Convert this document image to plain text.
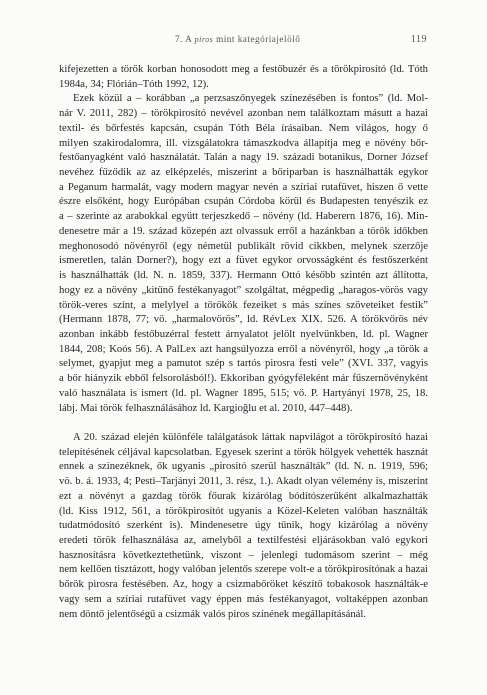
7. A piros mint kategóriajelölő	119
kifejezetten a török korban honosodott meg a festőbuzér és a törökpirosító (ld. Tóth
1984a, 34; Flórián–Tóth 1992, 12).
Ezek közül a – korábban „a perzsaszőnyegek színezésében is fontos” (ld. Mol-
nár V. 2011, 282) – törökpirosító nevével azonban nem találkoztam másutt a hazai
textil- és bőrfestés kapcsán, csupán Tóth Béla írásaiban. Nem világos, hogy ő
milyen szakirodalomra, ill. vizsgálatokra támaszkodva állapítja meg e növény bőr-
festőanyagként való használatát. Talán a nagy 19. századi botanikus, Dorner József
nevéhez fűződik az az elképzelés, miszerint a bőriparban is használhatták egykor
a Peganum harmalát, vagy modern magyar nevén a szíriai rutafüvet, hiszen ő vette
észre elsőként, hogy Európában csupán Córdoba körül és Budapesten tenyészik ez
a – szerinte az arabokkal együtt terjeszkedő – növény (ld. Haberern 1876, 16). Min-
denesetre már a 19. század közepén azt olvassuk erről a hazánkban a török időkben
meghonosodó növényről (egy németül publikált rövid cikkben, melynek szerzője
ismeretlen, talán Dorner?), hogy ezt a füvet egykor orvosságként és festőszerként
is használhatták (ld. N. n. 1859, 337). Hermann Ottó később szintén azt állította,
hogy ez a növény „kitűnő festékanyagot” szolgáltat, mégpedig „haragos-vörös vagy
török-veres színt, a melylyel a törökök fezeiket s más színes szöveteiket festik”
(Hermann 1878, 77; vö. „harmalovörös”, ld. RévLex XIX. 526. A törökvörös név
azonban inkább festőbuzérral festett árnyalatot jelölt nyelvünkben, ld. pl. Wagner
1844, 208; Koós 56). A PalLex azt hangsúlyozza erről a növényről, hogy „a török a
selymet, gyapjut meg a pamutot szép s tartós pirosra festi vele” (XVI. 337, vagyis
a bőr hiányzik ebből felsorolásból!). Ekkoriban gyógyféleként már fűszernövényként
való használata is ismert (ld. pl. Wagner 1895, 515; vö. P. Hartyányi 1978, 25, 18.
lábj. Mai török felhasználásához ld. Kargioğlu et al. 2010, 447–448).
A 20. század elején különféle találgatások láttak napvilágot a törökpirosító hazai
telepítésének céljával kapcsolatban. Egyesek szerint a török hölgyek vehették hasznát
ennek a színezéknek, ők ugyanis „pirosító szerül használták” (ld. N. n. 1919, 596;
vö. b. á. 1933, 4; Pesti–Tarjányi 2011, 3. rész, 1.). Akadt olyan vélemény is, miszerint
ezt a növényt a gazdag török főurak kizárólag bódítószerűként alkalmazhatták
(ld. Kiss 1912, 561, a törökpirosítót ugyanis a Közel-Keleten valóban használták
tudatmódosító szerként is). Mindenesetre úgy tűnik, hogy kizárólag a növény
eredeti török felhasználása az, amelyből a textilfestési eljárásokban való egykori
hasznosításra következtethetünk, viszont – jelenlegi tudomásom szerint – még
nem kellően tisztázott, hogy valóban jelentős szerepe volt-e a törökpirosítónak a hazai
bőrök pirosra festésében. Az, hogy a csizmabőröket készítő tobakosok használták-e
vagy sem a szíriai rutafüvet vagy éppen más festékanyagot, voltaképpen azonban
nem döntő jelentőségű a csizmák valós piros színének megállapításánál.
